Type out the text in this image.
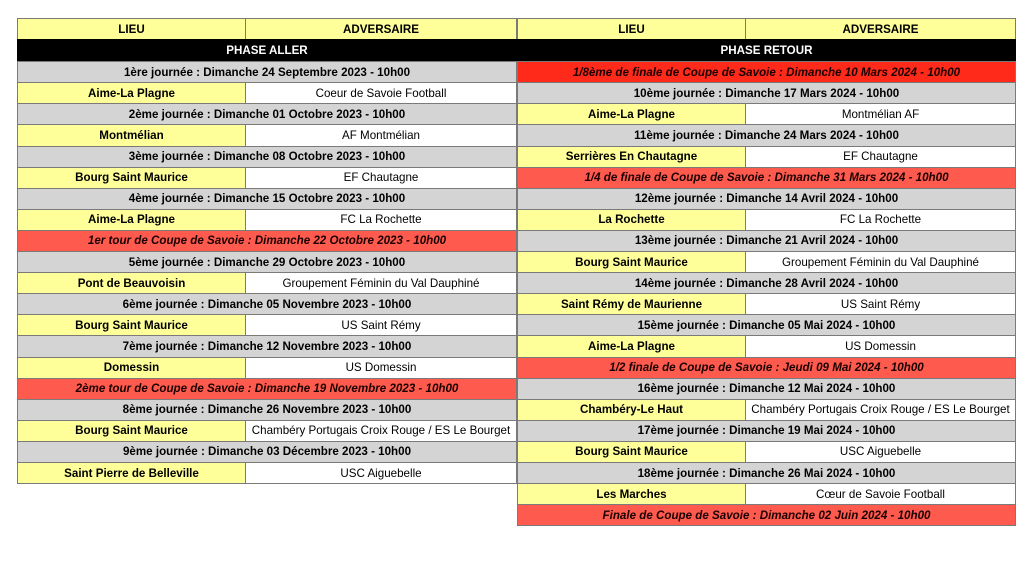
LIEU	ADVERSAIRE
PHASE ALLER
1ère journée : Dimanche 24 Septembre 2023 - 10h00
Aime-La Plagne	Coeur de Savoie Football
2ème journée : Dimanche 01 Octobre 2023 - 10h00
Montmélian	AF Montmélian
3ème journée : Dimanche 08 Octobre 2023 - 10h00
Bourg Saint Maurice	EF Chautagne
4ème journée : Dimanche 15 Octobre 2023 - 10h00
Aime-La Plagne	FC La Rochette
1er tour de Coupe de Savoie : Dimanche 22 Octobre 2023 - 10h00
5ème journée : Dimanche 29 Octobre 2023 - 10h00
Pont de Beauvoisin	Groupement Féminin du Val Dauphiné
6ème journée : Dimanche 05 Novembre 2023 - 10h00
Bourg Saint Maurice	US Saint Rémy
7ème journée : Dimanche 12 Novembre 2023 - 10h00
Domessin	US Domessin
2ème tour de Coupe de Savoie : Dimanche 19 Novembre 2023 - 10h00
8ème journée : Dimanche 26 Novembre 2023 - 10h00
Bourg Saint Maurice	Chambéry Portugais Croix Rouge / ES Le Bourget
9ème journée : Dimanche 03 Décembre 2023 - 10h00
Saint Pierre de Belleville	USC Aiguebelle
LIEU	ADVERSAIRE
PHASE RETOUR
1/8ème de finale de Coupe de Savoie : Dimanche 10 Mars 2024 - 10h00
10ème journée : Dimanche 17 Mars 2024 - 10h00
Aime-La Plagne	Montmélian AF
11ème journée : Dimanche 24 Mars 2024 - 10h00
Serrières En Chautagne	EF Chautagne
1/4 de finale de Coupe de Savoie : Dimanche 31 Mars 2024 - 10h00
12ème journée : Dimanche 14 Avril 2024 - 10h00
La Rochette	FC La Rochette
13ème journée : Dimanche 21 Avril 2024 - 10h00
Bourg Saint Maurice	Groupement Féminin du Val Dauphiné
14ème journée : Dimanche 28 Avril 2024 - 10h00
Saint Rémy de Maurienne	US Saint Rémy
15ème journée : Dimanche 05 Mai 2024 - 10h00
Aime-La Plagne	US Domessin
1/2 finale de Coupe de Savoie : Jeudi 09 Mai 2024 - 10h00
16ème journée : Dimanche 12 Mai 2024 - 10h00
Chambéry-Le Haut	Chambéry Portugais Croix Rouge / ES Le Bourget
17ème journée : Dimanche 19 Mai 2024 - 10h00
Bourg Saint Maurice	USC Aiguebelle
18ème journée : Dimanche 26 Mai 2024 - 10h00
Les Marches	Cœur de Savoie Football
Finale de Coupe de Savoie : Dimanche 02 Juin 2024 - 10h00
